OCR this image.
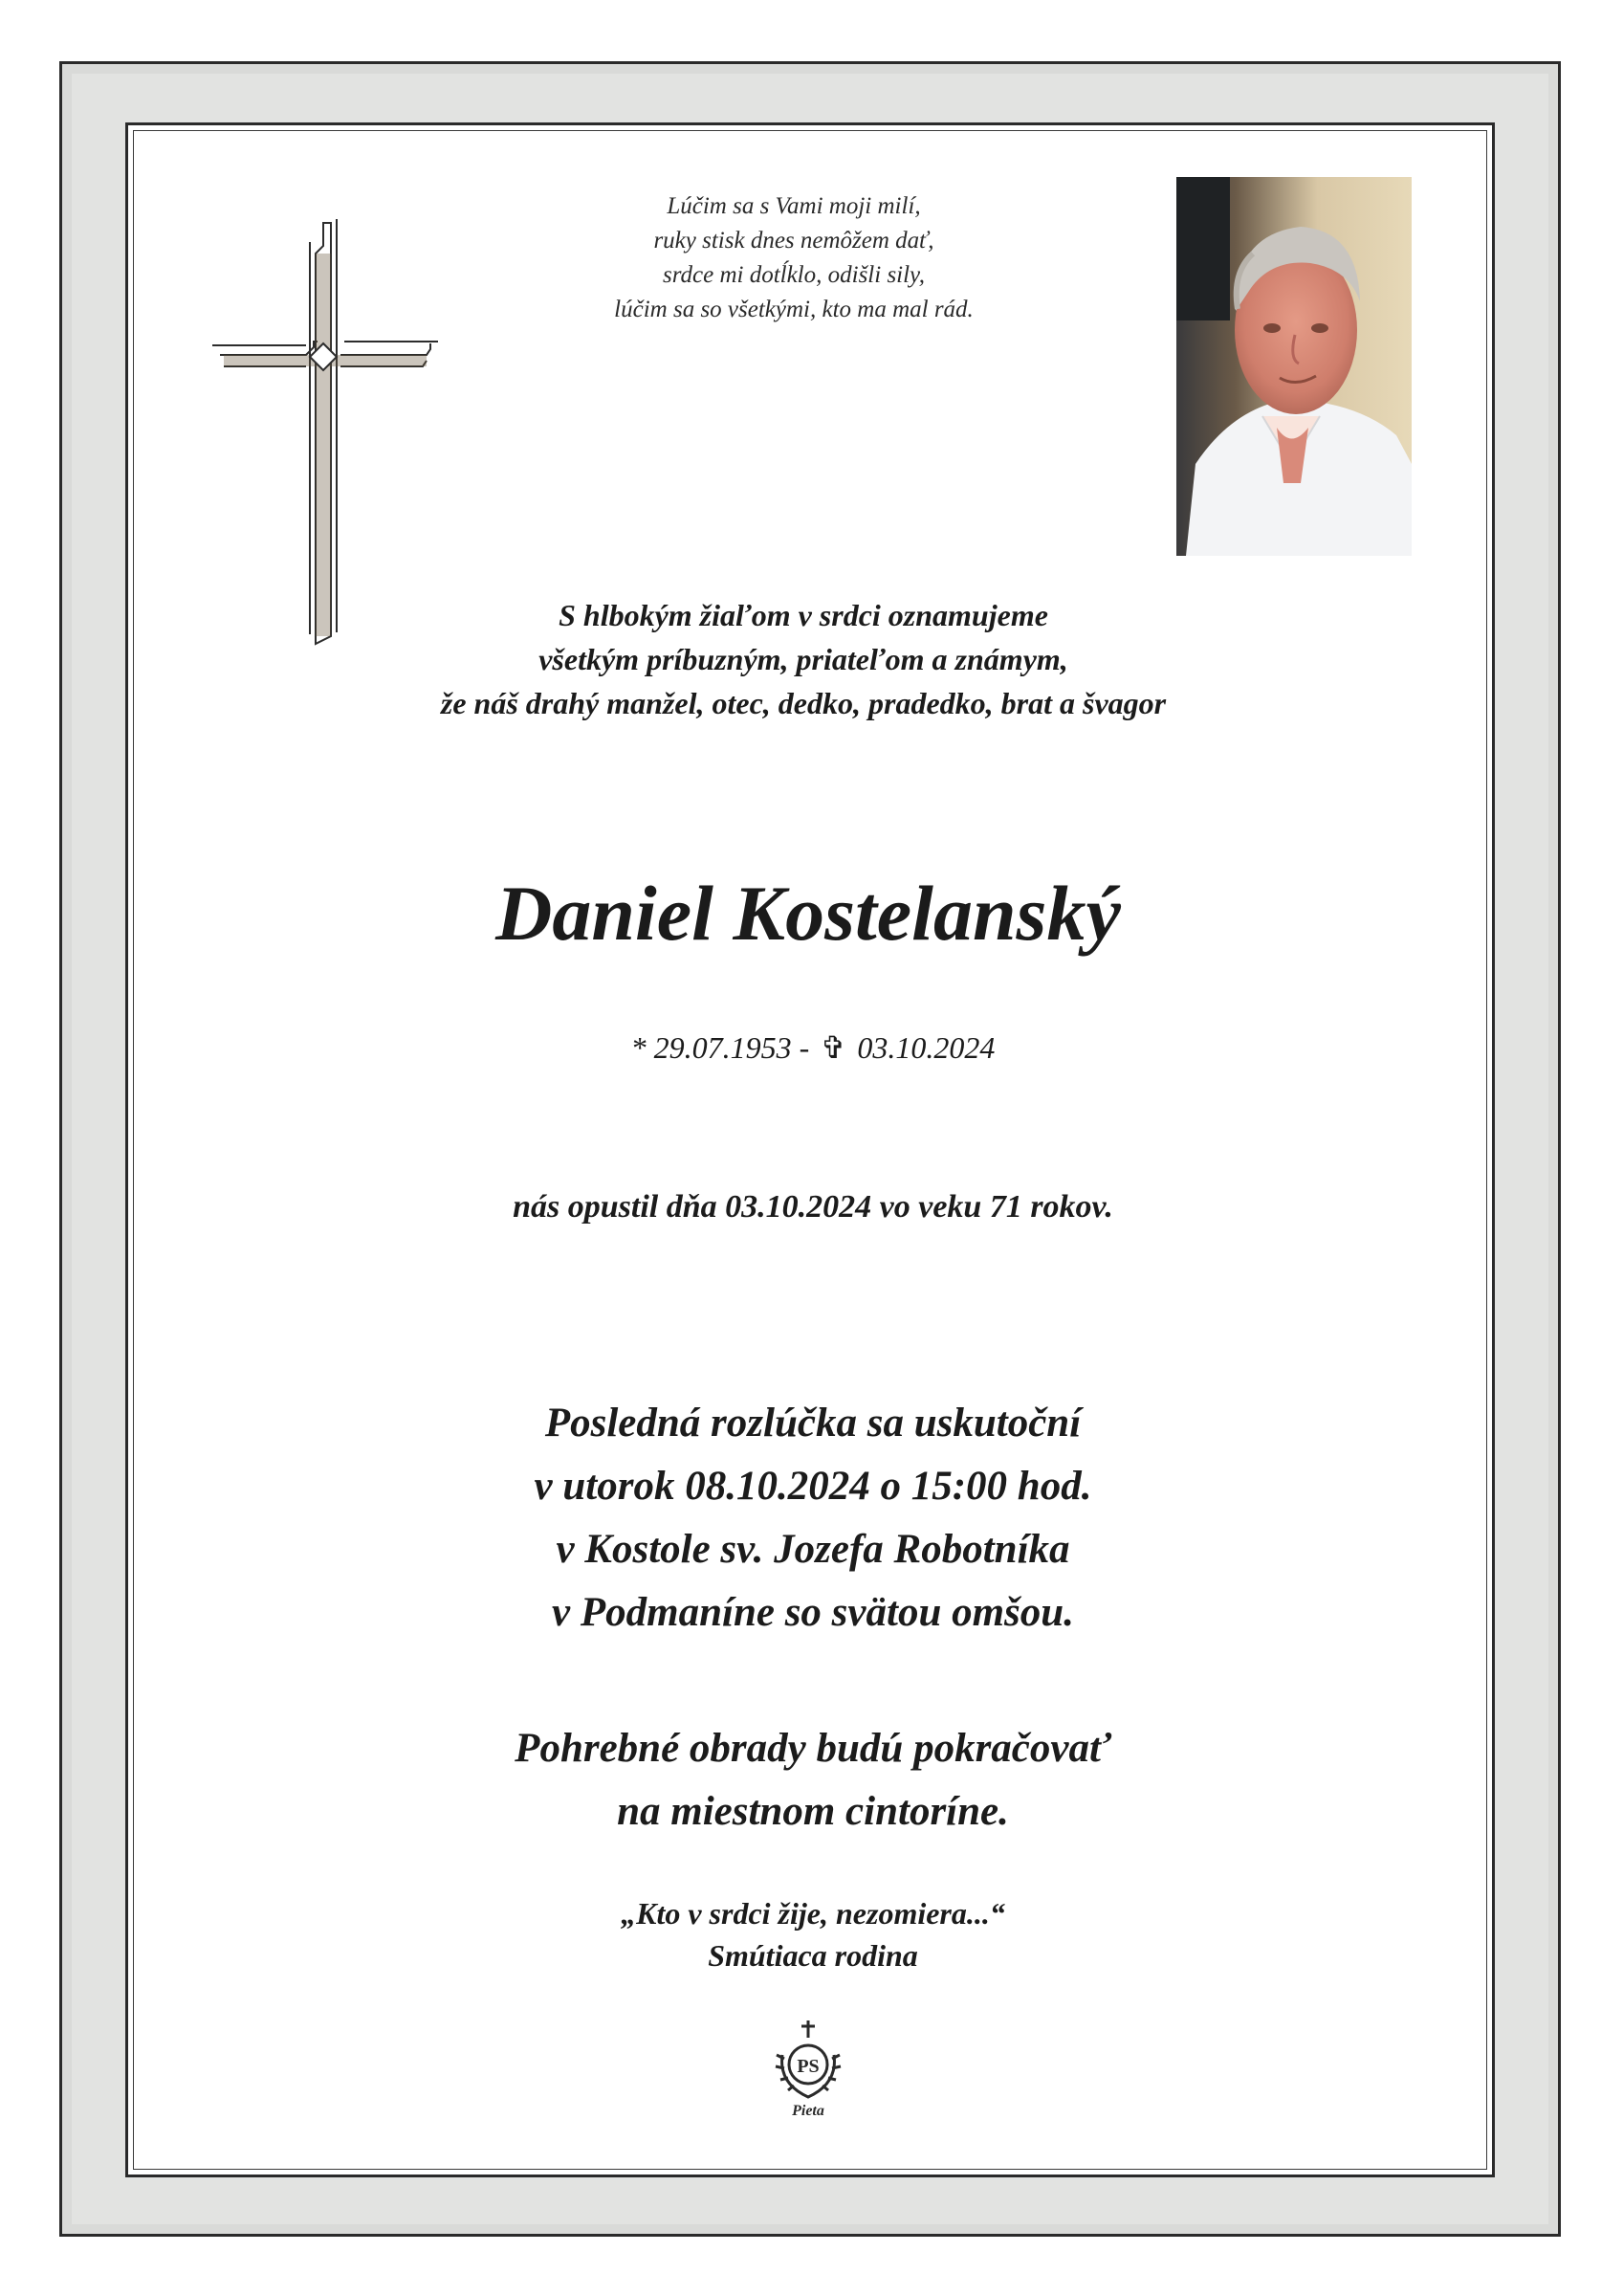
Lúčim sa s Vami moji milí,
ruky stisk dnes nemôžem dať,
srdce mi dotĺklo, odišli sily,
lúčim sa so všetkými, kto ma mal rád.
S hlbokým žiaľom v srdci oznamujeme
všetkým príbuzným, priateľom a známym,
že náš drahý manžel, otec, dedko, pradedko, brat a švagor
Daniel Kostelanský
* 29.07.1953 - ✞ 03.10.2024
nás opustil dňa 03.10.2024 vo veku 71 rokov.
Posledná rozlúčka sa uskutoční
v utorok 08.10.2024 o 15:00 hod.
v Kostole sv. Jozefa Robotníka
v Podmaníne so svätou omšou.
Pohrebné obrady budú pokračovať
na miestnom cintoríne.
„Kto v srdci žije, nezomiera...“
Smútiaca rodina
PS
Pieta
